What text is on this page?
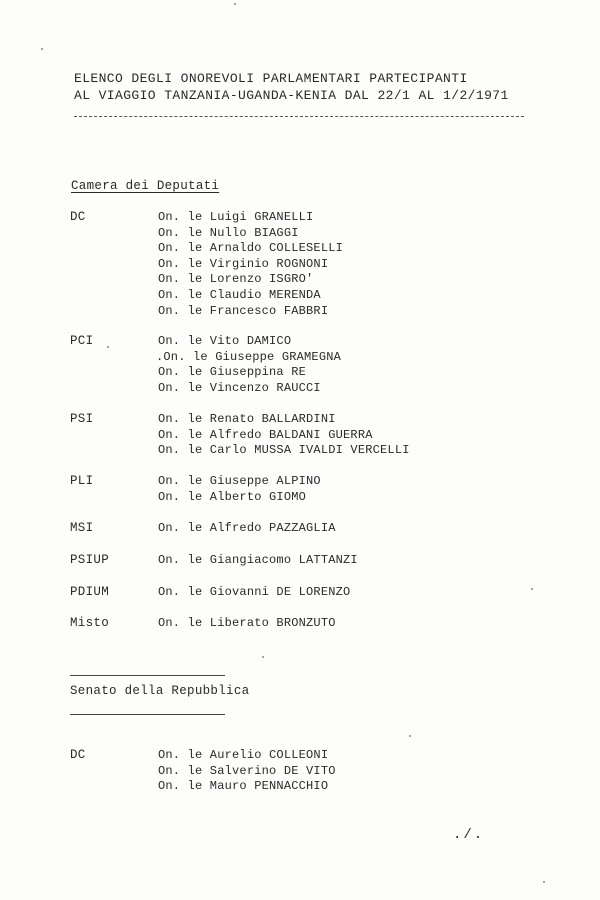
ELENCO DEGLI ONOREVOLI PARLAMENTARI PARTECIPANTI
AL VIAGGIO TANZANIA-UGANDA-KENIA DAL 22/1 AL 1/2/1971
Camera dei Deputati
DC	On. le Luigi GRANELLI
On. le Nullo BIAGGI
On. le Arnaldo COLLESELLI
On. le Virginio ROGNONI
On. le Lorenzo ISGRO'
On. le Claudio MERENDA
On. le Francesco FABBRI
PCI	On. le Vito DAMICO
.On. le Giuseppe GRAMEGNA
On. le Giuseppina RE
On. le Vincenzo RAUCCI
PSI	On. le Renato BALLARDINI
On. le Alfredo BALDANI GUERRA
On. le Carlo MUSSA IVALDI VERCELLI
PLI	On. le Giuseppe ALPINO
On. le Alberto GIOMO
MSI	On. le Alfredo PAZZAGLIA
PSIUP	On. le Giangiacomo LATTANZI
PDIUM	On. le Giovanni DE LORENZO
Misto	On. le Liberato BRONZUTO
Senato della Repubblica
DC	On. le Aurelio COLLEONI
On. le Salverino DE VITO
On. le Mauro PENNACCHIO
./.
